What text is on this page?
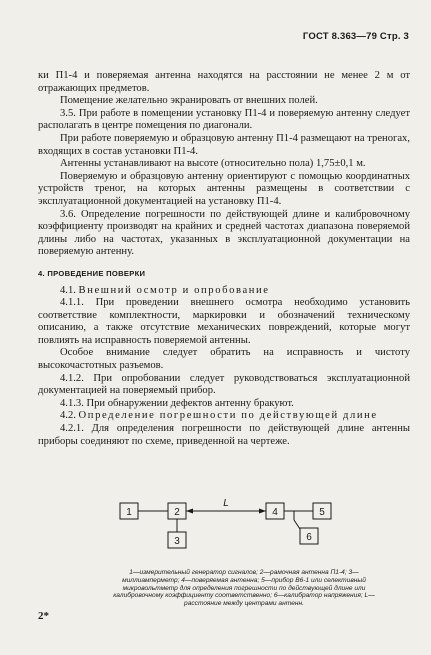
ГОСТ 8.363—79 Стр. 3

ки П1-4 и поверяемая антенна находятся на расстоянии не менее 2 м от отражающих предметов.

Помещение желательно экранировать от внешних полей.

3.5. При работе в помещении установку П1-4 и поверяемую антенну следует располагать в центре помещения по диагонали.

При работе поверяемую и образцовую антенну П1-4 размещают на треногах, входящих в состав установки П1-4.

Антенны устанавливают на высоте (относительно пола) 1,75±0,1 м.

Поверяемую и образцовую антенну ориентируют с помощью координатных устройств треног, на которых антенны размещены в соответствии с эксплуатационной документацией на установку П1-4.

3.6. Определение погрешности по действующей длине и калибровочному коэффициенту производят на крайних и средней частотах диапазона поверяемой длины либо на частотах, указанных в эксплуатационной документации на поверяемую антенну.

4. ПРОВЕДЕНИЕ ПОВЕРКИ

4.1. Внешний осмотр и опробование

4.1.1. При проведении внешнего осмотра необходимо установить соответствие комплектности, маркировки и обозначений техническому описанию, а также отсутствие механических повреждений, которые могут повлиять на исправность поверяемой антенны.

Особое внимание следует обратить на исправность и чистоту высокочастотных разъемов.

4.1.2. При опробовании следует руководствоваться эксплуатационной документацией на поверяемый прибор.

4.1.3. При обнаружении дефектов антенну бракуют.

4.2. Определение погрешности по действующей длине

4.2.1. Для определения погрешности по действующей длине антенны приборы соединяют по схеме, приведенной на чертеже.

1	2
3
4	5
6
L
1—измерительный генератор сигналов; 2—рамочная антенна П1-4; 3—миллиамперметр; 4—поверяемая антенна; 5—прибор В6-1 или селективный микровольтметр для определения погрешности по действующей длине или калибровочному коэффициенту соответственно; 6—калибратор напряжения; L—расстояние между центрами антенн.
2*
